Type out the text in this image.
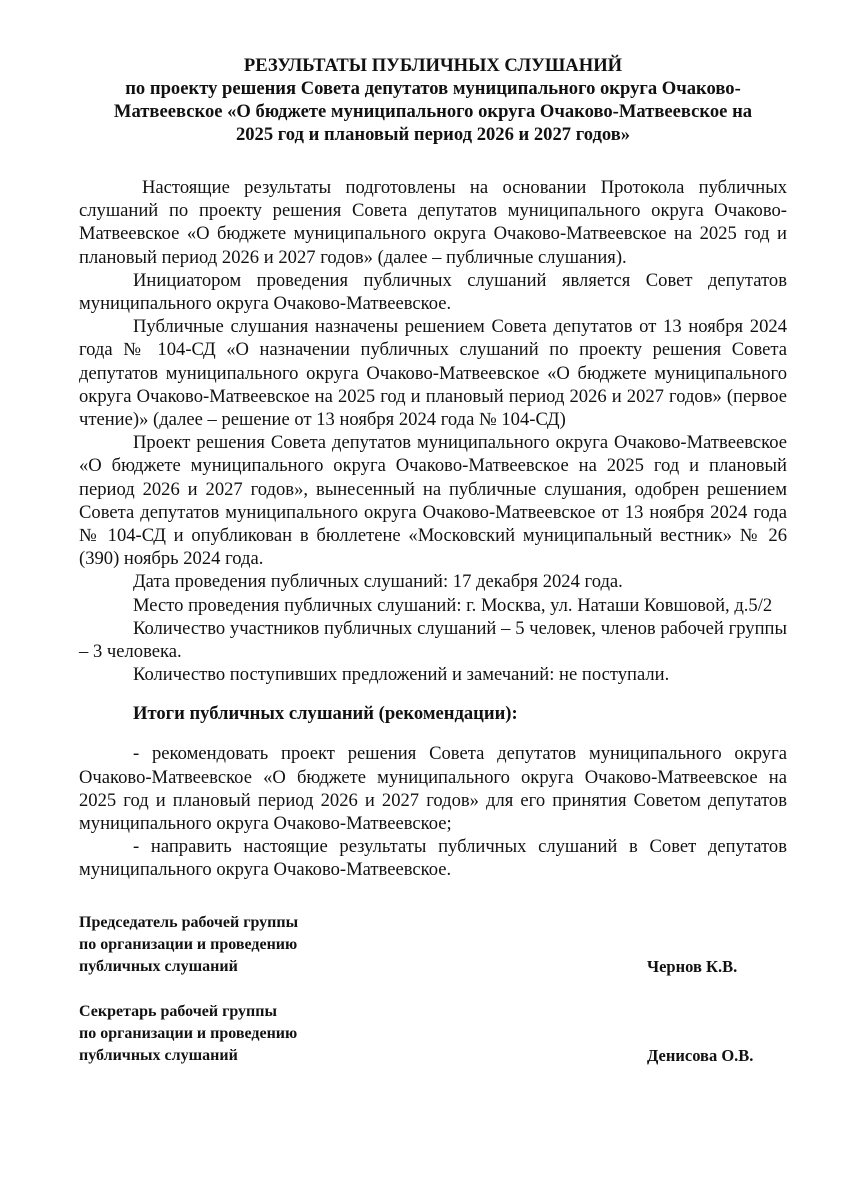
РЕЗУЛЬТАТЫ ПУБЛИЧНЫХ СЛУШАНИЙ
по проекту решения Совета депутатов муниципального округа Очаково-
Матвеевское «О бюджете муниципального округа Очаково-Матвеевское на
2025 год и плановый период 2026 и 2027 годов»

Настоящие результаты подготовлены на основании Протокола публичных слушаний по проекту решения Совета депутатов муниципального округа Очаково-Матвеевское «О бюджете муниципального округа Очаково-Матвеевское на 2025 год и плановый период 2026 и 2027 годов» (далее – публичные слушания).

Инициатором проведения публичных слушаний является Совет депутатов муниципального округа Очаково-Матвеевское.

Публичные слушания назначены решением Совета депутатов от 13 ноября 2024 года № 104-СД «О назначении публичных слушаний по проекту решения Совета депутатов муниципального округа Очаково-Матвеевское «О бюджете муниципального округа Очаково-Матвеевское на 2025 год и плановый период 2026 и 2027 годов» (первое чтение)» (далее – решение от 13 ноября 2024 года № 104-СД)

Проект решения Совета депутатов муниципального округа Очаково-Матвеевское «О бюджете муниципального округа Очаково-Матвеевское на 2025 год и плановый период 2026 и 2027 годов», вынесенный на публичные слушания, одобрен решением Совета депутатов муниципального округа Очаково-Матвеевское от 13 ноября 2024 года № 104-СД и опубликован в бюллетене «Московский муниципальный вестник» № 26 (390) ноябрь 2024 года.

Дата проведения публичных слушаний: 17 декабря 2024 года.

Место проведения публичных слушаний: г. Москва, ул. Наташи Ковшовой, д.5/2

Количество участников публичных слушаний – 5 человек, членов рабочей группы – 3 человека.

Количество поступивших предложений и замечаний: не поступали.

Итоги публичных слушаний (рекомендации):

- рекомендовать проект решения Совета депутатов муниципального округа Очаково-Матвеевское «О бюджете муниципального округа Очаково-Матвеевское на 2025 год и плановый период 2026 и 2027 годов» для его принятия Советом депутатов муниципального округа Очаково-Матвеевское;

- направить настоящие результаты публичных слушаний в Совет депутатов муниципального округа Очаково-Матвеевское.

Председатель рабочей группы
по организации и проведению
публичных слушаний	Чернов К.В.
Секретарь рабочей группы
по организации и проведению
публичных слушаний	Денисова О.В.
